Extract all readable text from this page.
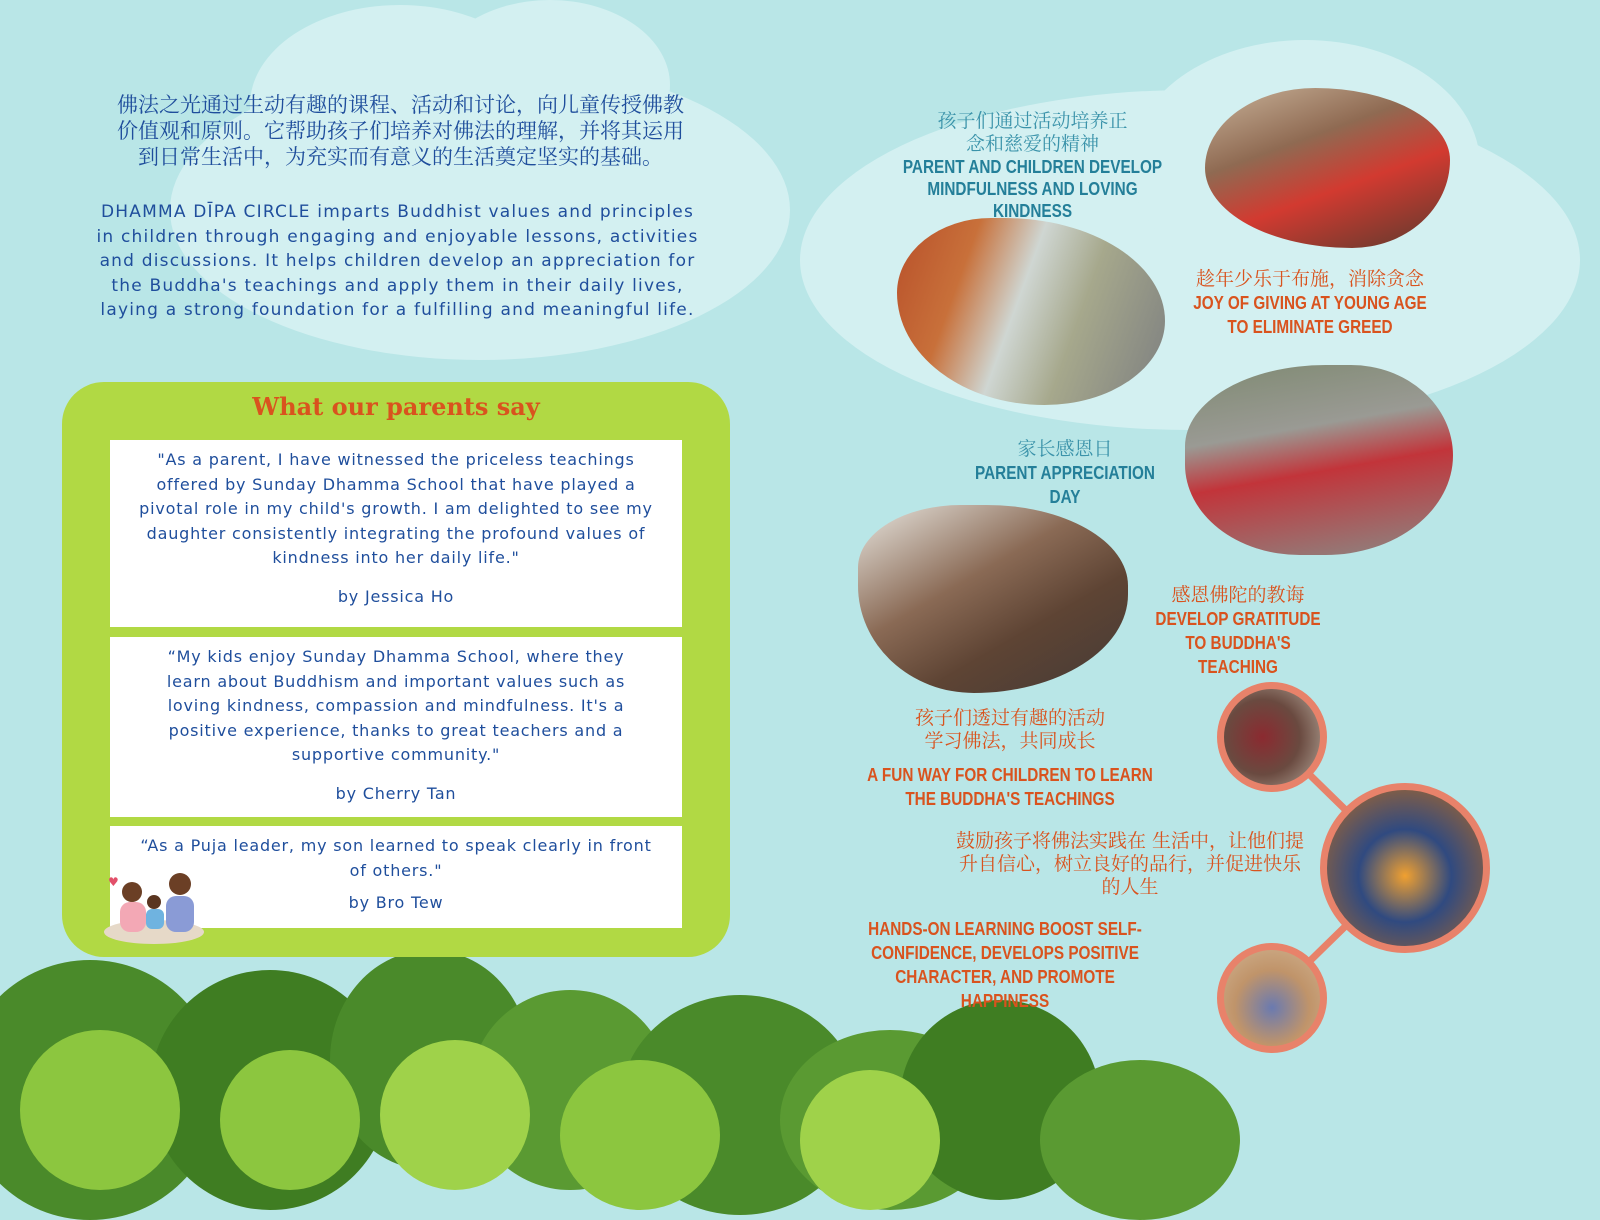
佛法之光通过生动有趣的课程、活动和讨论，向儿童传授佛教价值观和原则。它帮助孩子们培养对佛法的理解，并将其运用到日常生活中，为充实而有意义的生活奠定坚实的基础。
DHAMMA DĪPA CIRCLE imparts Buddhist values and principles in children through engaging and enjoyable lessons, activities and discussions. It helps children develop an appreciation for the Buddha's teachings and apply them in their daily lives, laying a strong foundation for a fulfilling and meaningful life.
What our parents say
"As a parent, I have witnessed the priceless teachings offered by Sunday Dhamma School that have played a pivotal role in my child's growth. I am delighted to see my daughter consistently integrating the profound values of kindness into her daily life."
by Jessica Ho
“My kids enjoy Sunday Dhamma School, where they learn about Buddhism and important values such as loving kindness, compassion and mindfulness. It's a positive experience, thanks to great teachers and a supportive community."
by Cherry Tan
“As a Puja leader, my son learned to speak clearly in front of others."
by Bro Tew
♥
孩子们通过活动培养正念和慈爱的精神
PARENT AND CHILDREN DEVELOP MINDFULNESS AND LOVING KINDNESS
趁年少乐于布施，消除贪念
JOY OF GIVING AT YOUNG AGE TO ELIMINATE GREED
家长感恩日
PARENT APPRECIATION DAY
感恩佛陀的教诲
DEVELOP GRATITUDE TO BUDDHA'S TEACHING
孩子们透过有趣的活动学习佛法，共同成长
A FUN WAY FOR CHILDREN TO LEARN THE BUDDHA'S TEACHINGS
鼓励孩子将佛法实践在 生活中，让他们提升自信心，树立良好的品行，并促进快乐的人生
HANDS-ON LEARNING BOOST SELF-CONFIDENCE, DEVELOPS POSITIVE CHARACTER, AND PROMOTE HAPPINESS
